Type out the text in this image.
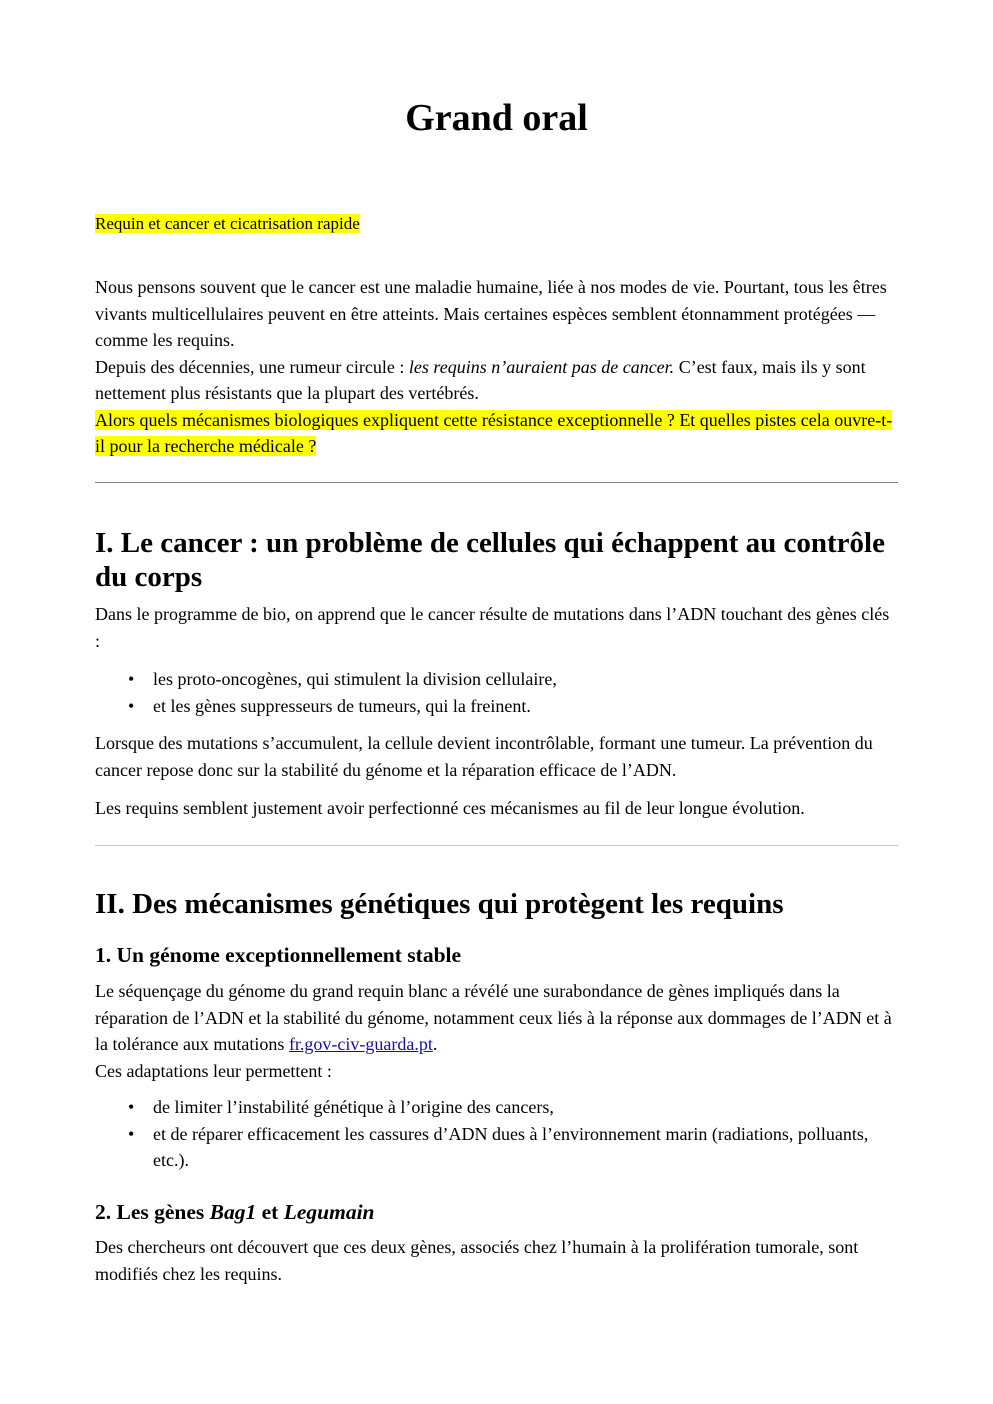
Grand oral

Requin et cancer et cicatrisation rapide

Nous pensons souvent que le cancer est une maladie humaine, liée à nos modes de vie. Pourtant, tous les êtres vivants multicellulaires peuvent en être atteints. Mais certaines espèces semblent étonnamment protégées — comme les requins.

Depuis des décennies, une rumeur circule : les requins n’auraient pas de cancer. C’est faux, mais ils y sont nettement plus résistants que la plupart des vertébrés.

Alors quels mécanismes biologiques expliquent cette résistance exceptionnelle ? Et quelles pistes cela ouvre-t-il pour la recherche médicale ?

I. Le cancer : un problème de cellules qui échappent au contrôle du corps

Dans le programme de bio, on apprend que le cancer résulte de mutations dans l’ADN touchant des gènes clés :

• les proto-oncogènes, qui stimulent la division cellulaire,
• et les gènes suppresseurs de tumeurs, qui la freinent.

Lorsque des mutations s’accumulent, la cellule devient incontrôlable, formant une tumeur. La prévention du cancer repose donc sur la stabilité du génome et la réparation efficace de l’ADN.

Les requins semblent justement avoir perfectionné ces mécanismes au fil de leur longue évolution.

II. Des mécanismes génétiques qui protègent les requins
1. Un génome exceptionnellement stable

Le séquençage du génome du grand requin blanc a révélé une surabondance de gènes impliqués dans la réparation de l’ADN et la stabilité du génome, notamment ceux liés à la réponse aux dommages de l’ADN et à la tolérance aux mutations fr.gov-civ-guarda.pt.
Ces adaptations leur permettent :

• de limiter l’instabilité génétique à l’origine des cancers,
• et de réparer efficacement les cassures d’ADN dues à l’environnement marin (radiations, polluants, etc.).
2. Les gènes Bag1 et Legumain

Des chercheurs ont découvert que ces deux gènes, associés chez l’humain à la prolifération tumorale, sont modifiés chez les requins.
